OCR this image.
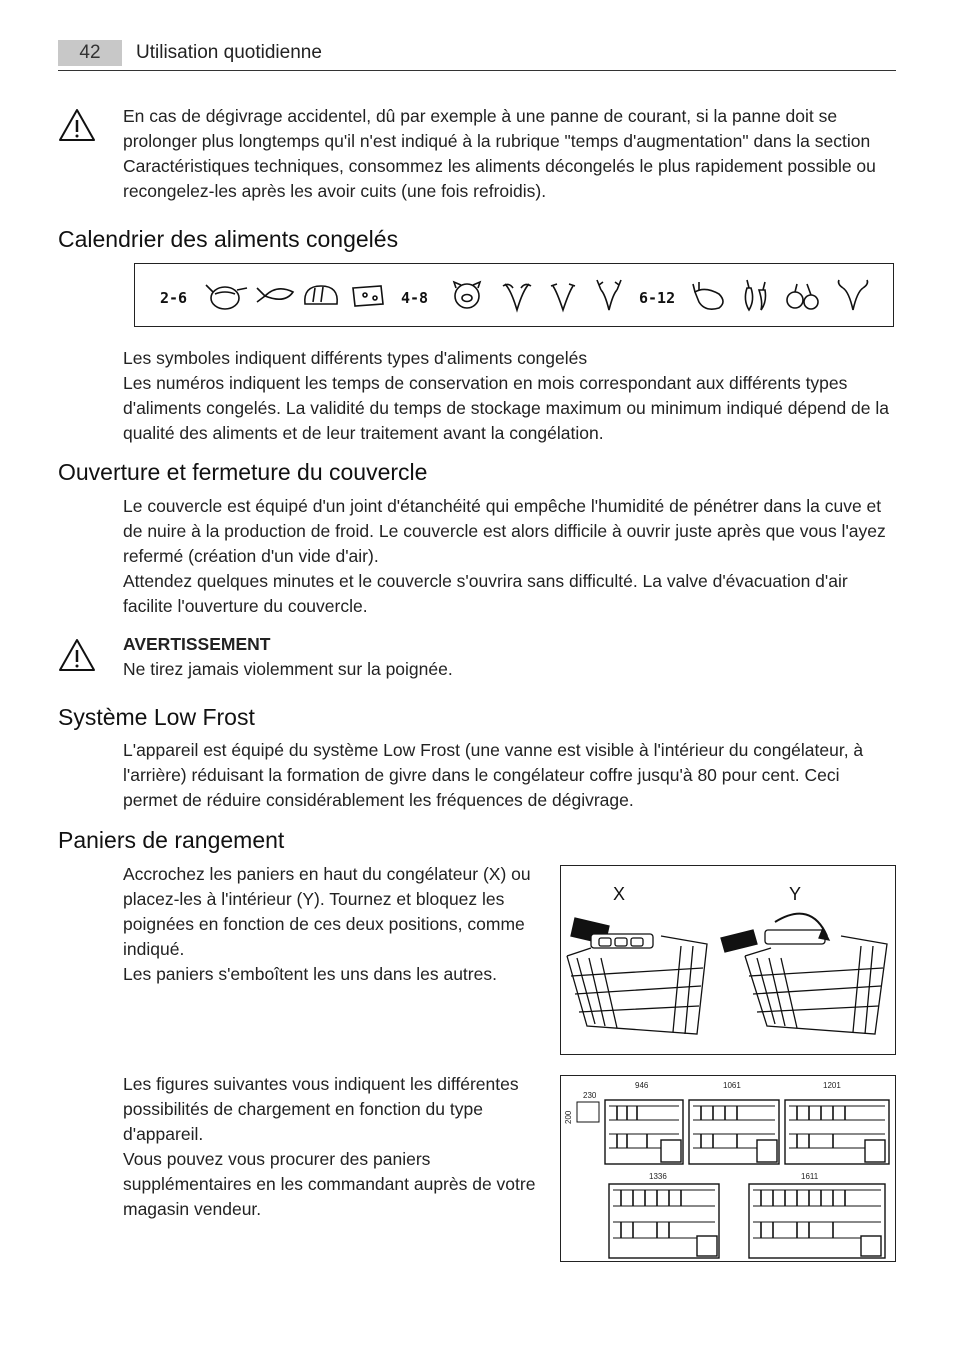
42	Utilisation quotidienne
En cas de dégivrage accidentel, dû par exemple à une panne de courant, si la panne doit se prolonger plus longtemps qu'il n'est indiqué à la rubrique "temps d'augmentation" dans la section Caractéristiques techniques, consommez les aliments décongelés le plus rapidement possible ou recongelez-les après les avoir cuits (une fois refroidis).
Calendrier des aliments congelés
2-6	4-8	6-12

Les symboles indiquent différents types d'aliments congelés

Les numéros indiquent les temps de conservation en mois correspondant aux différents types d'aliments congelés. La validité du temps de stockage maximum ou minimum indiqué dépend de la qualité des aliments et de leur traitement avant la congélation.

Ouverture et fermeture du couvercle

Le couvercle est équipé d'un joint d'étanchéité qui empêche l'humidité de pénétrer dans la cuve et de nuire à la production de froid. Le couvercle est alors difficile à ouvrir juste après que vous l'ayez refermé (création d'un vide d'air).

Attendez quelques minutes et le couvercle s'ouvrira sans difficulté. La valve d'évacuation d'air facilite l'ouverture du couvercle.

AVERTISSEMENT
Ne tirez jamais violemment sur la poignée.
Système Low Frost
L'appareil est équipé du système Low Frost (une vanne est visible à l'intérieur du congélateur, à l'arrière) réduisant la formation de givre dans le congélateur coffre jusqu'à 80 pour cent. Ceci permet de réduire considérablement les fréquences de dégivrage.
Paniers de rangement

Accrochez les paniers en haut du congélateur (X) ou placez-les à l'intérieur (Y). Tournez et bloquez les poignées en fonction de ces deux positions, comme indiqué.

Les paniers s'emboîtent les uns dans les autres.

X	Y

Les figures suivantes vous indiquent les différentes possibilités de chargement en fonction du type d'appareil.

Vous pouvez vous procurer des paniers supplémentaires en les commandant auprès de votre magasin vendeur.

230
200
946	1061	1201
1336	1611
